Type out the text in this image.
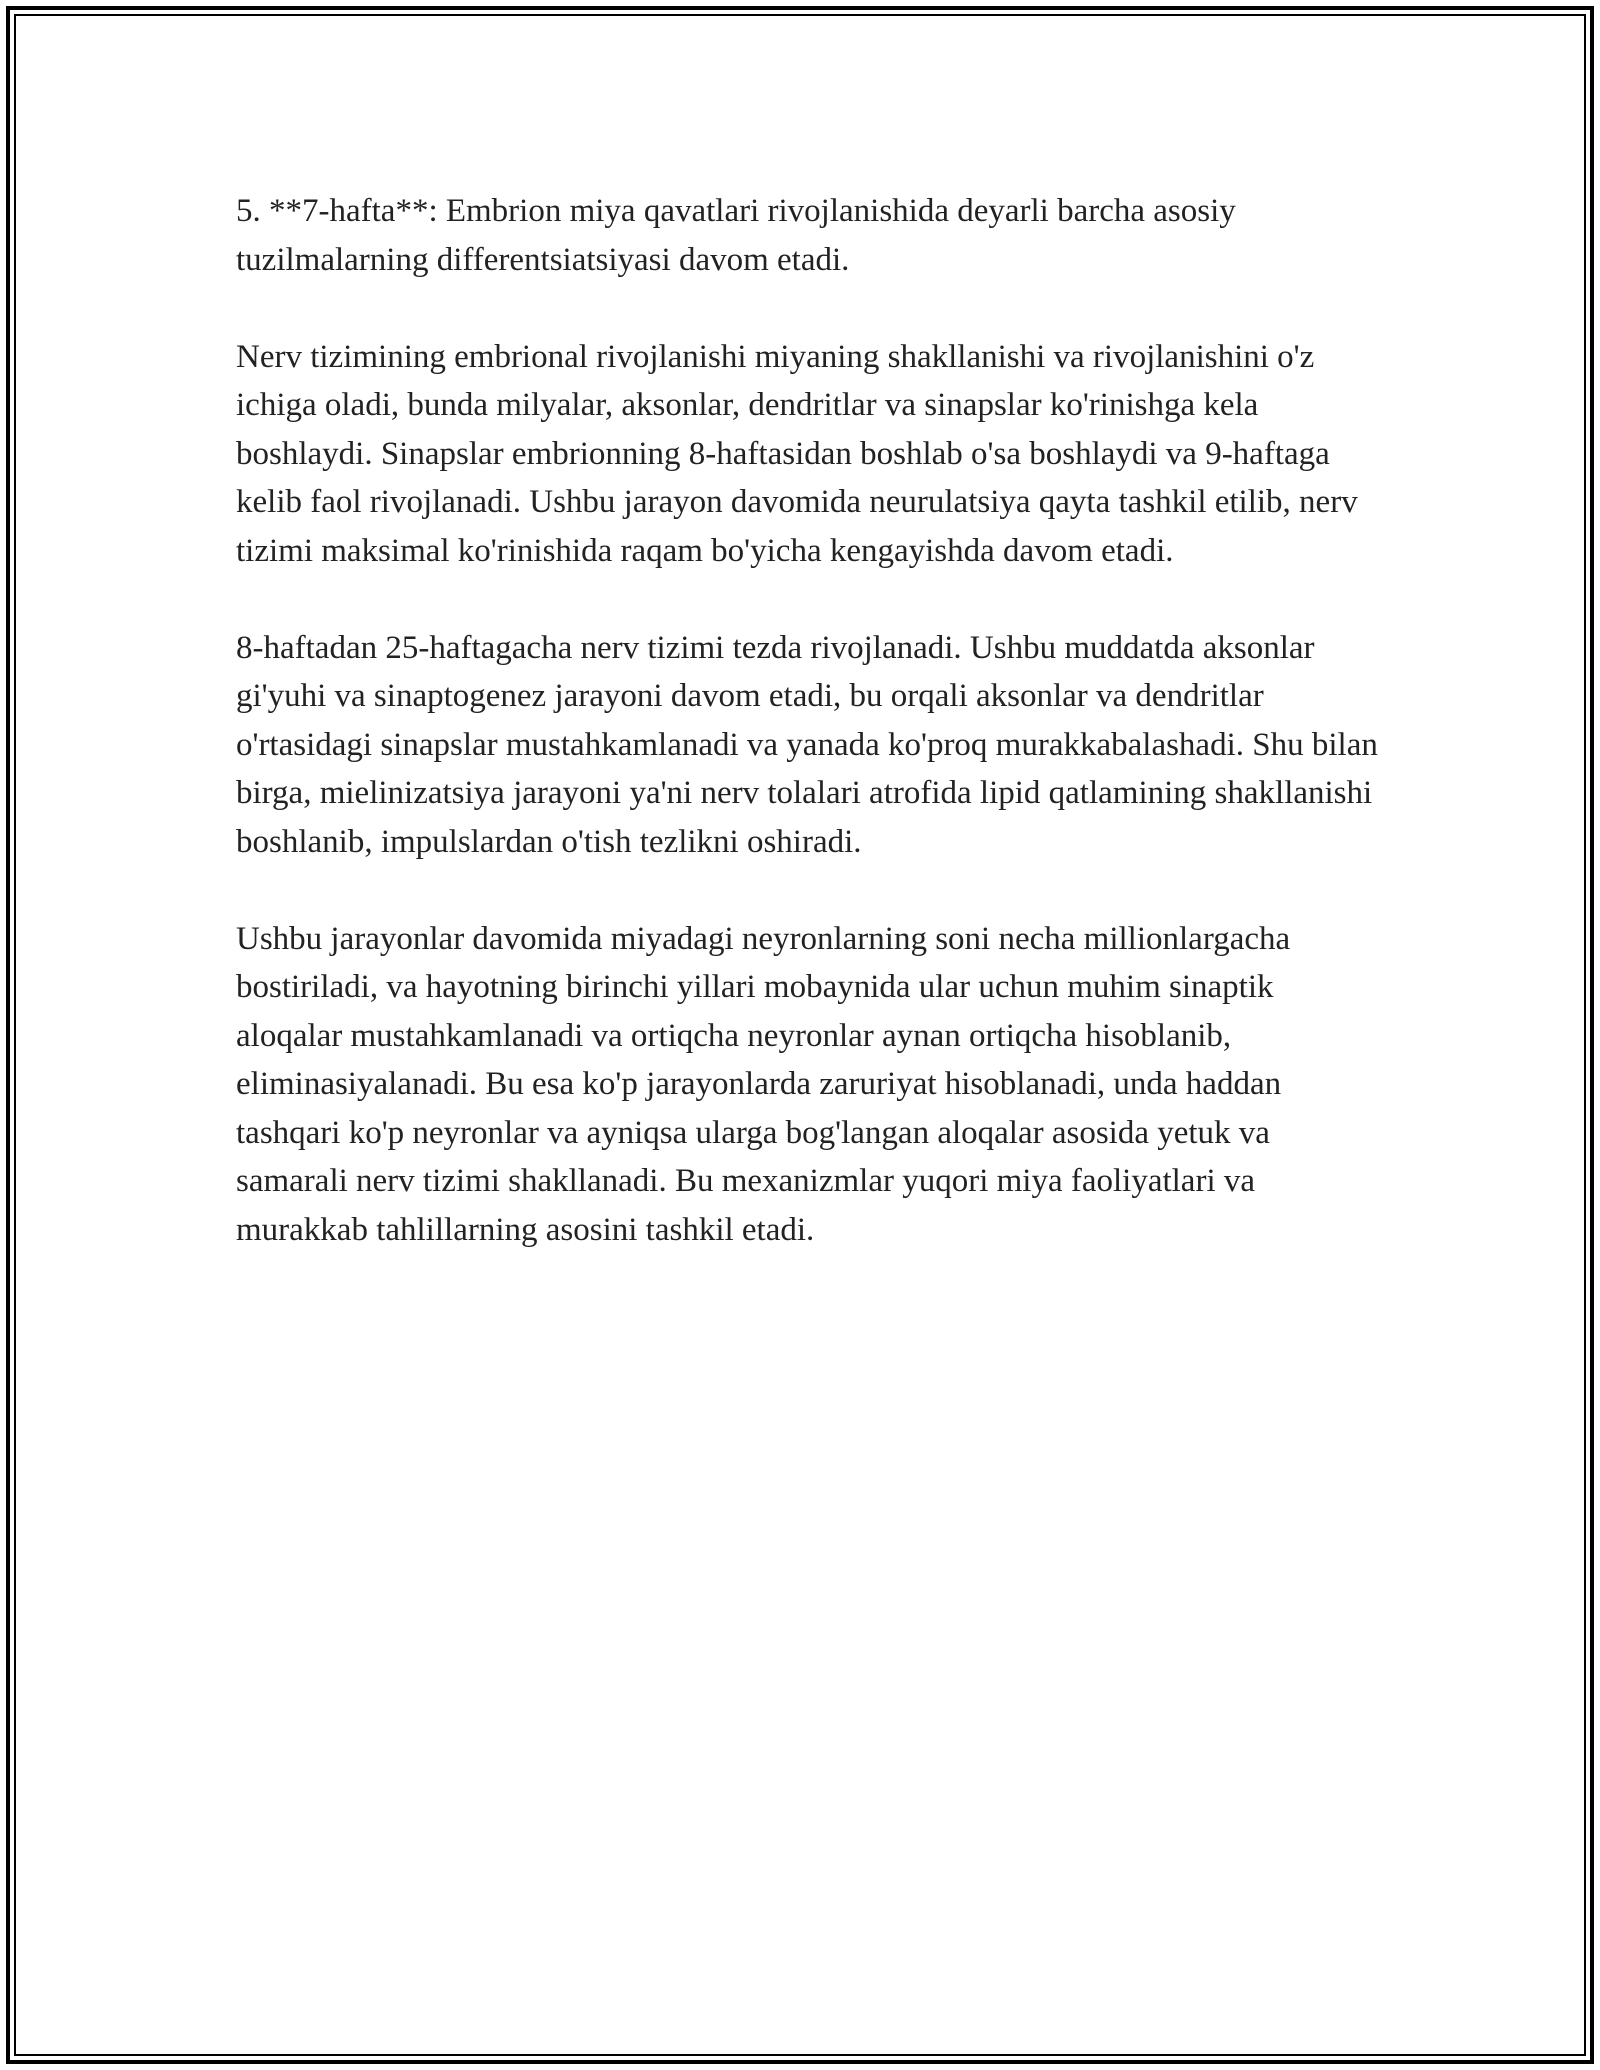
5. **7-hafta**: Embrion miya qavatlari rivojlanishida deyarli barcha asosiy tuzilmalarning differentsiatsiyasi davom etadi.

Nerv tizimining embrional rivojlanishi miyaning shakllanishi va rivojlanishini o'z ichiga oladi, bunda milyalar, aksonlar, dendritlar va sinapslar ko'rinishga kela boshlaydi. Sinapslar embrionning 8-haftasidan boshlab o'sa boshlaydi va 9-haftaga kelib faol rivojlanadi. Ushbu jarayon davomida neurulatsiya qayta tashkil etilib, nerv tizimi maksimal ko'rinishida raqam bo'yicha kengayishda davom etadi.

8-haftadan 25-haftagacha nerv tizimi tezda rivojlanadi. Ushbu muddatda aksonlar gi'yuhi va sinaptogenez jarayoni davom etadi, bu orqali aksonlar va dendritlar o'rtasidagi sinapslar mustahkamlanadi va yanada ko'proq murakkabalashadi. Shu bilan birga, mielinizatsiya jarayoni ya'ni nerv tolalari atrofida lipid qatlamining shakllanishi boshlanib, impulslardan o'tish tezlikni oshiradi.

Ushbu jarayonlar davomida miyadagi neyronlarning soni necha millionlargacha bostiriladi, va hayotning birinchi yillari mobaynida ular uchun muhim sinaptik aloqalar mustahkamlanadi va ortiqcha neyronlar aynan ortiqcha hisoblanib, eliminasiyalanadi. Bu esa ko'p jarayonlarda zaruriyat hisoblanadi, unda haddan tashqari ko'p neyronlar va ayniqsa ularga bog'langan aloqalar asosida yetuk va samarali nerv tizimi shakllanadi. Bu mexanizmlar yuqori miya faoliyatlari va murakkab tahlillarning asosini tashkil etadi.
